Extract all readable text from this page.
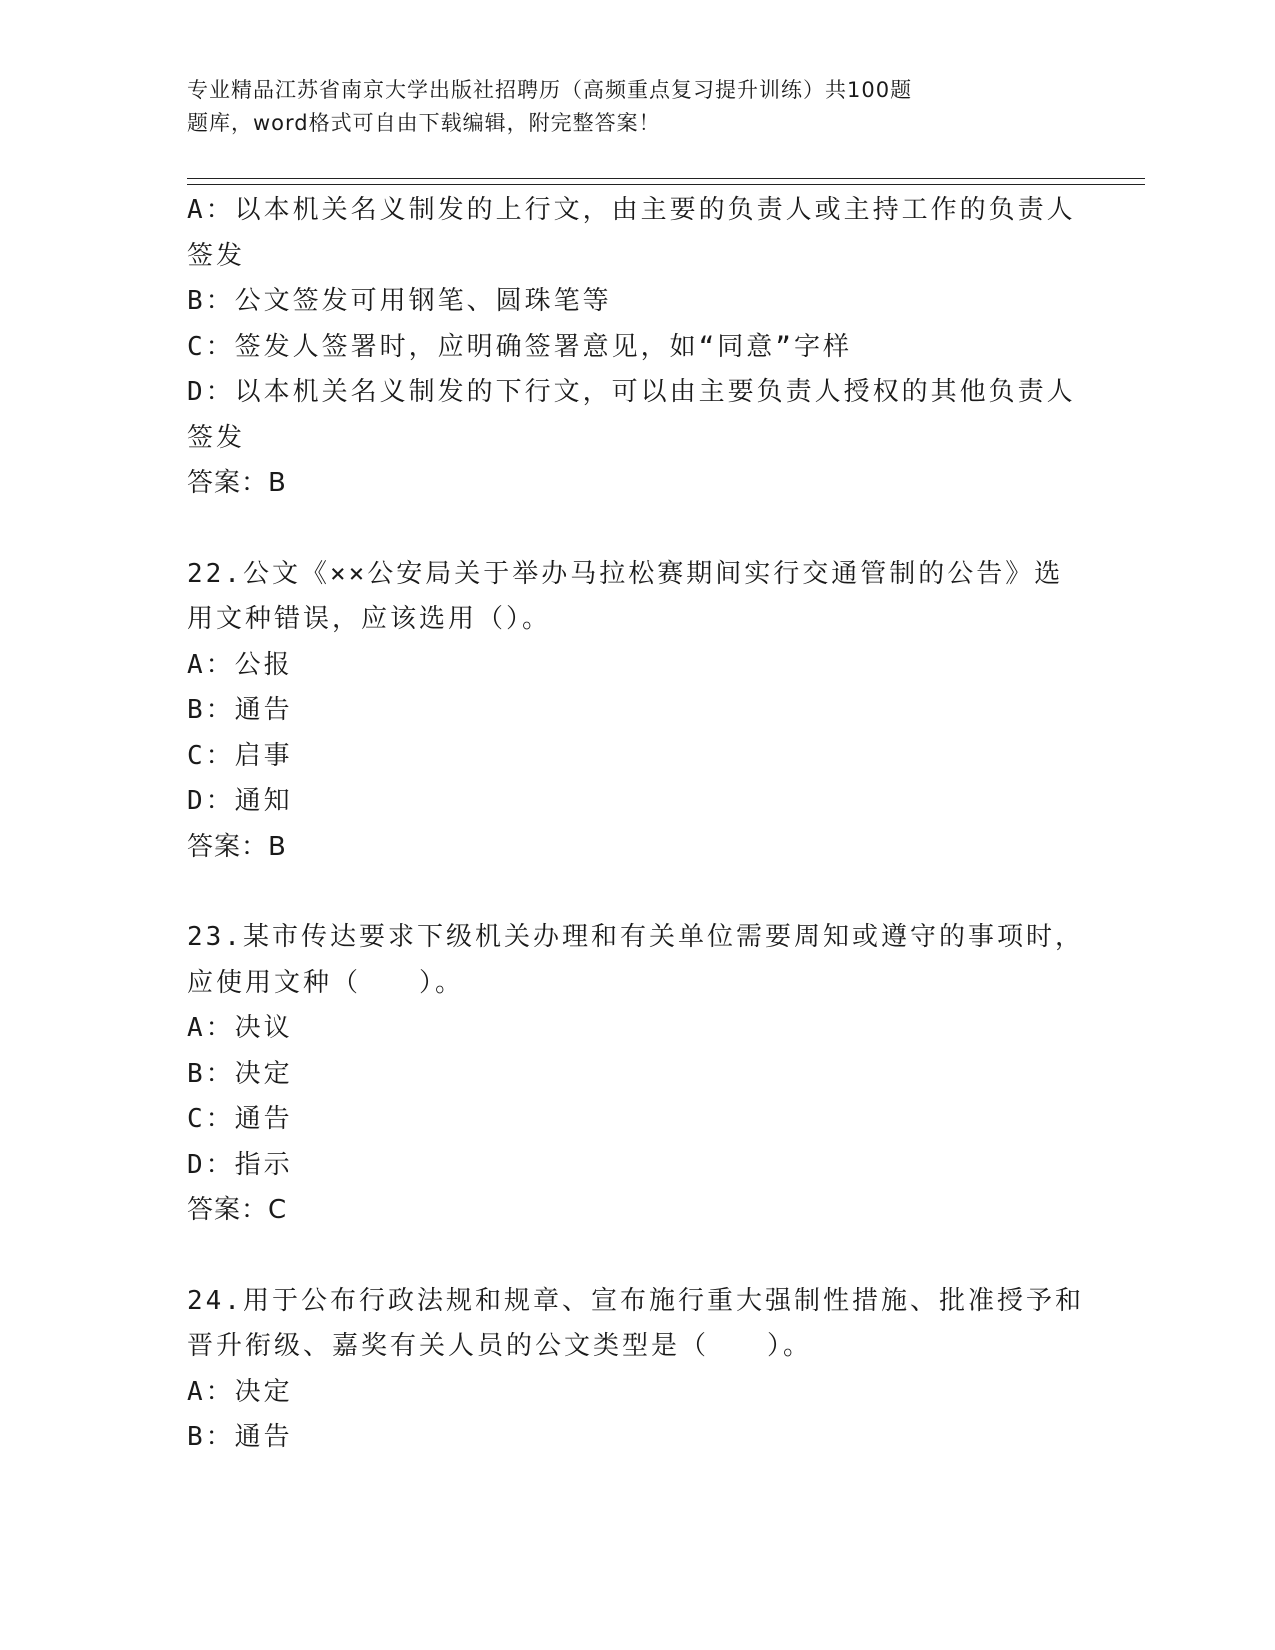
专业精品江苏省南京大学出版社招聘历（高频重点复习提升训练）共100题
题库，word格式可自由下载编辑，附完整答案！
A：以本机关名义制发的上行文，由主要的负责人或主持工作的负责人
签发
B：公文签发可用钢笔、圆珠笔等
C：签发人签署时，应明确签署意见，如“同意”字样
D：以本机关名义制发的下行文，可以由主要负责人授权的其他负责人
签发
答案：B
22.公文《××公安局关于举办马拉松赛期间实行交通管制的公告》选
用文种错误，应该选用（）。
A：公报
B：通告
C：启事
D：通知
答案：B
23.某市传达要求下级机关办理和有关单位需要周知或遵守的事项时，
应使用文种（　　）。
A：决议
B：决定
C：通告
D：指示
答案：C
24.用于公布行政法规和规章、宣布施行重大强制性措施、批准授予和
晋升衔级、嘉奖有关人员的公文类型是（　　）。
A：决定
B：通告
